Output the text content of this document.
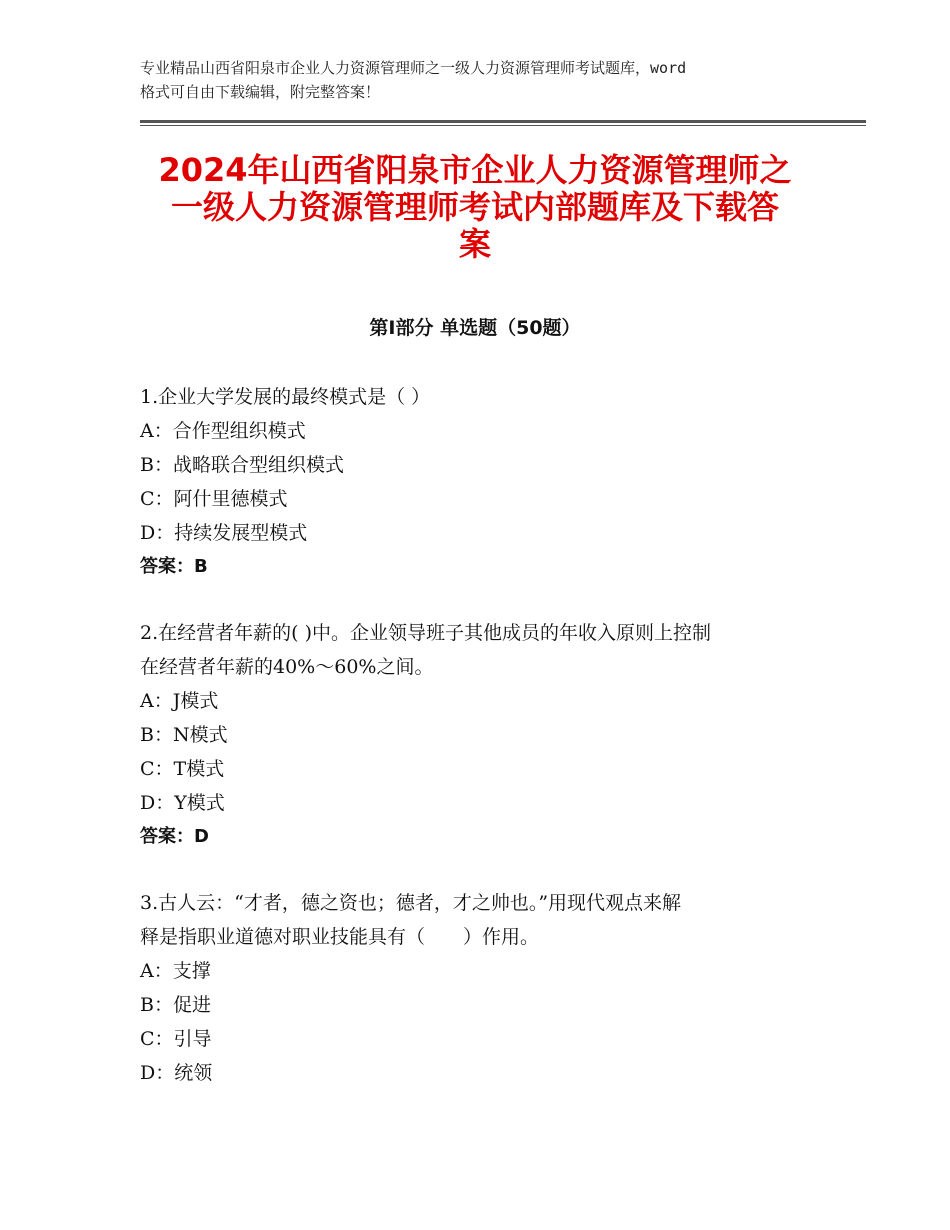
专业精品山西省阳泉市企业人力资源管理师之一级人力资源管理师考试题库，word
格式可自由下载编辑，附完整答案！
2024年山西省阳泉市企业人力资源管理师之
一级人力资源管理师考试内部题库及下载答
案
第Ⅰ部分 单选题（50题）
1.企业大学发展的最终模式是（ ）
A：合作型组织模式
B：战略联合型组织模式
C：阿什里德模式
D：持续发展型模式
答案：B
2.在经营者年薪的( )中。企业领导班子其他成员的年收入原则上控制
在经营者年薪的40%～60%之间。
A：J模式
B：N模式
C：T模式
D：Y模式
答案：D
3.古人云：“才者，德之资也；德者，才之帅也。”用现代观点来解
释是指职业道德对职业技能具有（　　）作用。
A：支撑
B：促进
C：引导
D：统领
